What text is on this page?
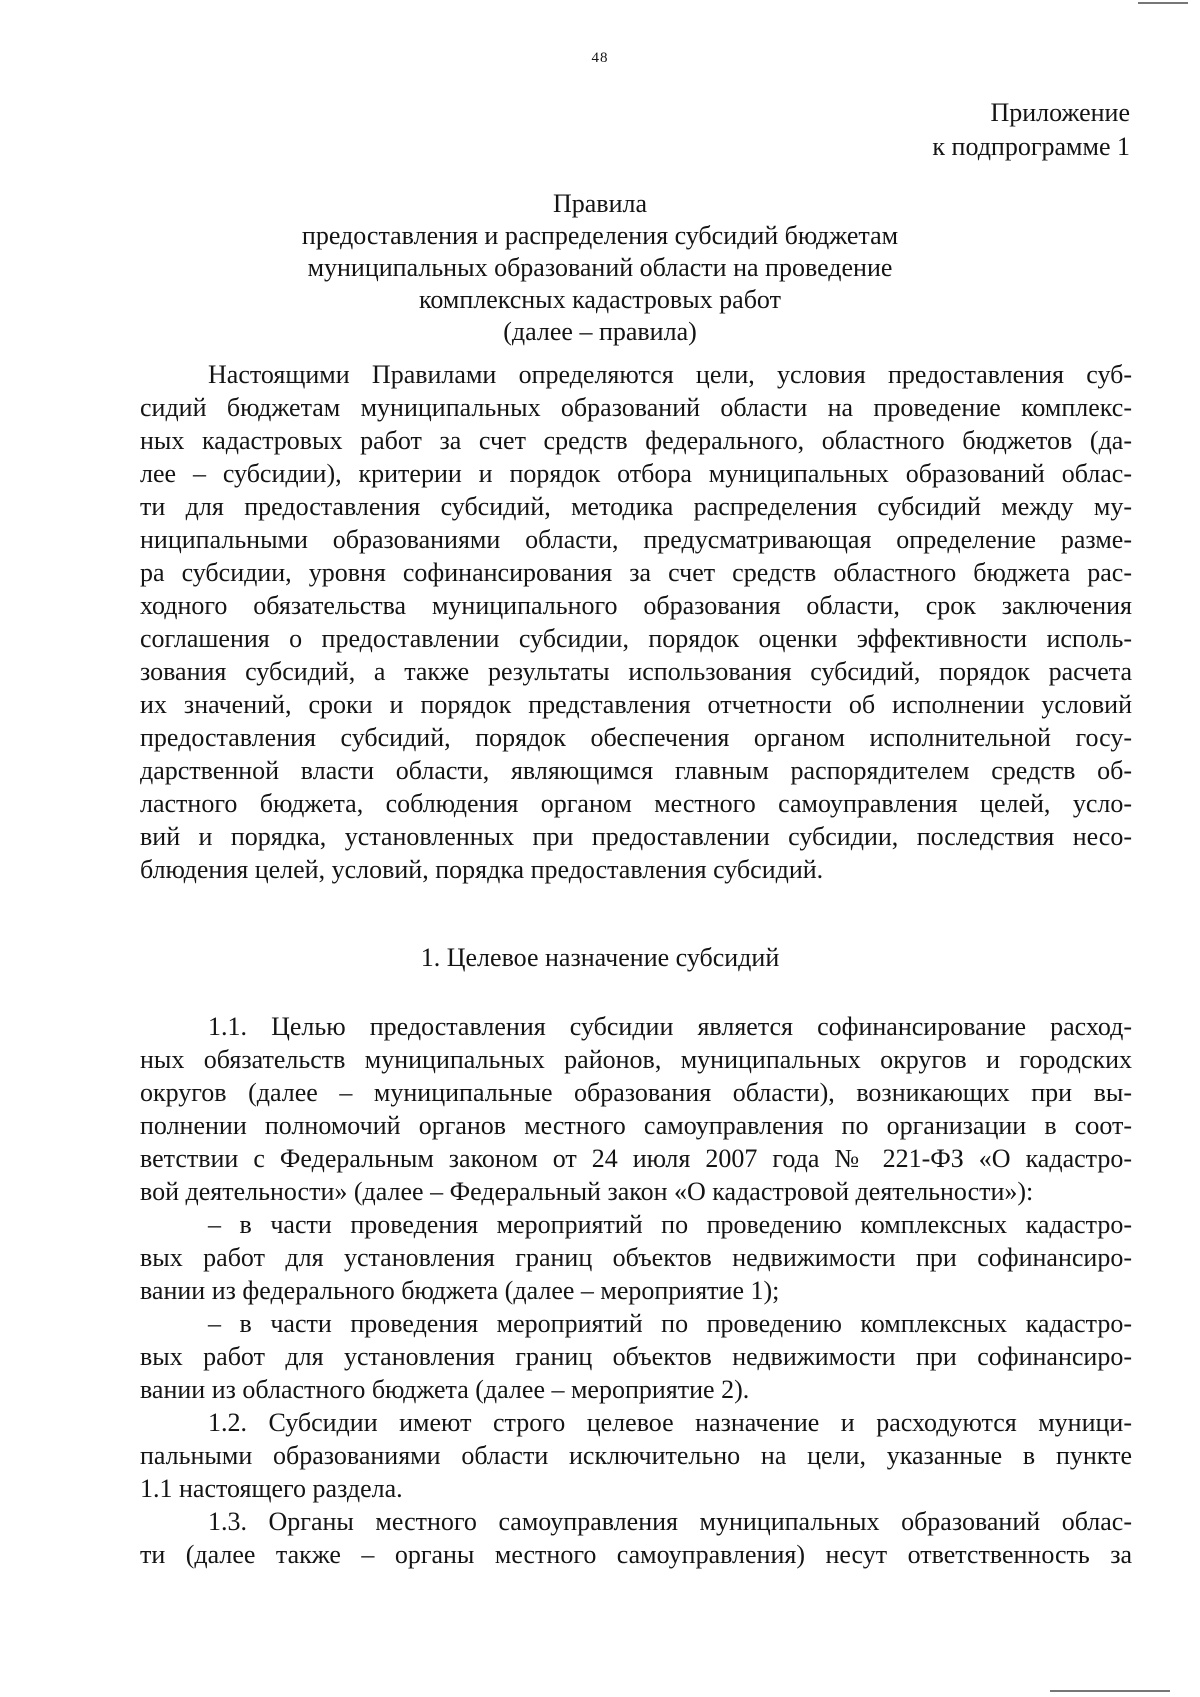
48
Приложение
к подпрограмме 1
Правила
предоставления и распределения субсидий бюджетам
муниципальных образований области на проведение
комплексных кадастровых работ
(далее – правила)
Настоящими Правилами определяются цели, условия предоставления суб-
сидий бюджетам муниципальных образований области на проведение комплекс-
ных кадастровых работ за счет средств федерального, областного бюджетов (да-
лее – субсидии), критерии и порядок отбора муниципальных образований облас-
ти для предоставления субсидий, методика распределения субсидий между му-
ниципальными образованиями области, предусматривающая определение разме-
ра субсидии, уровня софинансирования за счет средств областного бюджета рас-
ходного обязательства муниципального образования области, срок заключения
соглашения о предоставлении субсидии, порядок оценки эффективности исполь-
зования субсидий, а также результаты использования субсидий, порядок расчета
их значений, сроки и порядок представления отчетности об исполнении условий
предоставления субсидий, порядок обеспечения органом исполнительной госу-
дарственной власти области, являющимся главным распорядителем средств об-
ластного бюджета, соблюдения органом местного самоуправления целей, усло-
вий и порядка, установленных при предоставлении субсидии, последствия несо-
блюдения целей, условий, порядка предоставления субсидий.
1. Целевое назначение субсидий
1.1. Целью предоставления субсидии является софинансирование расход-
ных обязательств муниципальных районов, муниципальных округов и городских
округов (далее – муниципальные образования области), возникающих при вы-
полнении полномочий органов местного самоуправления по организации в соот-
ветствии с Федеральным законом от 24 июля 2007 года № 221-ФЗ «О кадастро-
вой деятельности» (далее – Федеральный закон «О кадастровой деятельности»):
– в части проведения мероприятий по проведению комплексных кадастро-
вых работ для установления границ объектов недвижимости при софинансиро-
вании из федерального бюджета (далее – мероприятие 1);
– в части проведения мероприятий по проведению комплексных кадастро-
вых работ для установления границ объектов недвижимости при софинансиро-
вании из областного бюджета (далее – мероприятие 2).
1.2. Субсидии имеют строго целевое назначение и расходуются муници-
пальными образованиями области исключительно на цели, указанные в пункте
1.1 настоящего раздела.
1.3. Органы местного самоуправления муниципальных образований облас-
ти (далее также – органы местного самоуправления) несут ответственность за
